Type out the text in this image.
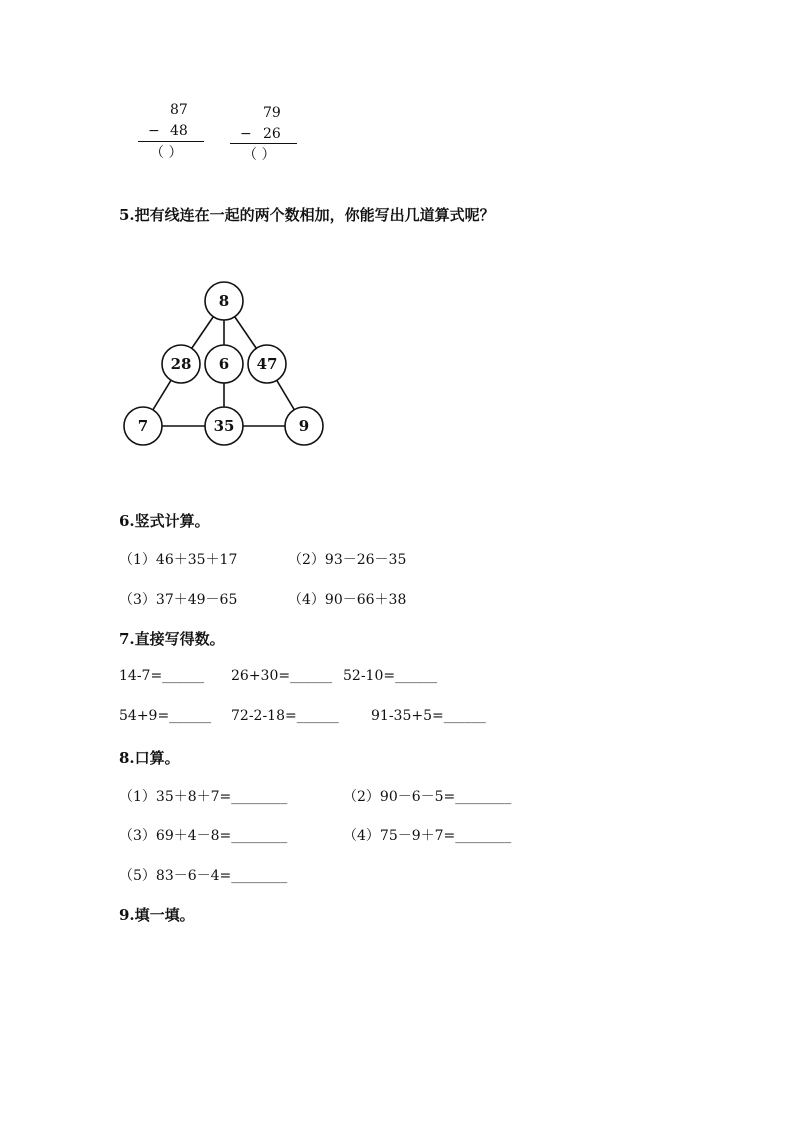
87
− 48
（ ）
79
− 26
（ ）
5.把有线连在一起的两个数相加，你能写出几道算式呢？
8
28 6 47
7	35	9
6.竖式计算。
（1）46＋35＋17	（2）93－26－35
（3）37＋49－65	（4）90－66＋38
7.直接写得数。
14-7=______ 26+30=______ 52-10=______
54+9=______ 72-2-18=______ 91-35+5=______
8.口算。
（1）35＋8＋7=________	（2）90－6－5=________
（3）69＋4－8=________	（4）75－9＋7=________
（5）83－6－4=________
9.填一填。
